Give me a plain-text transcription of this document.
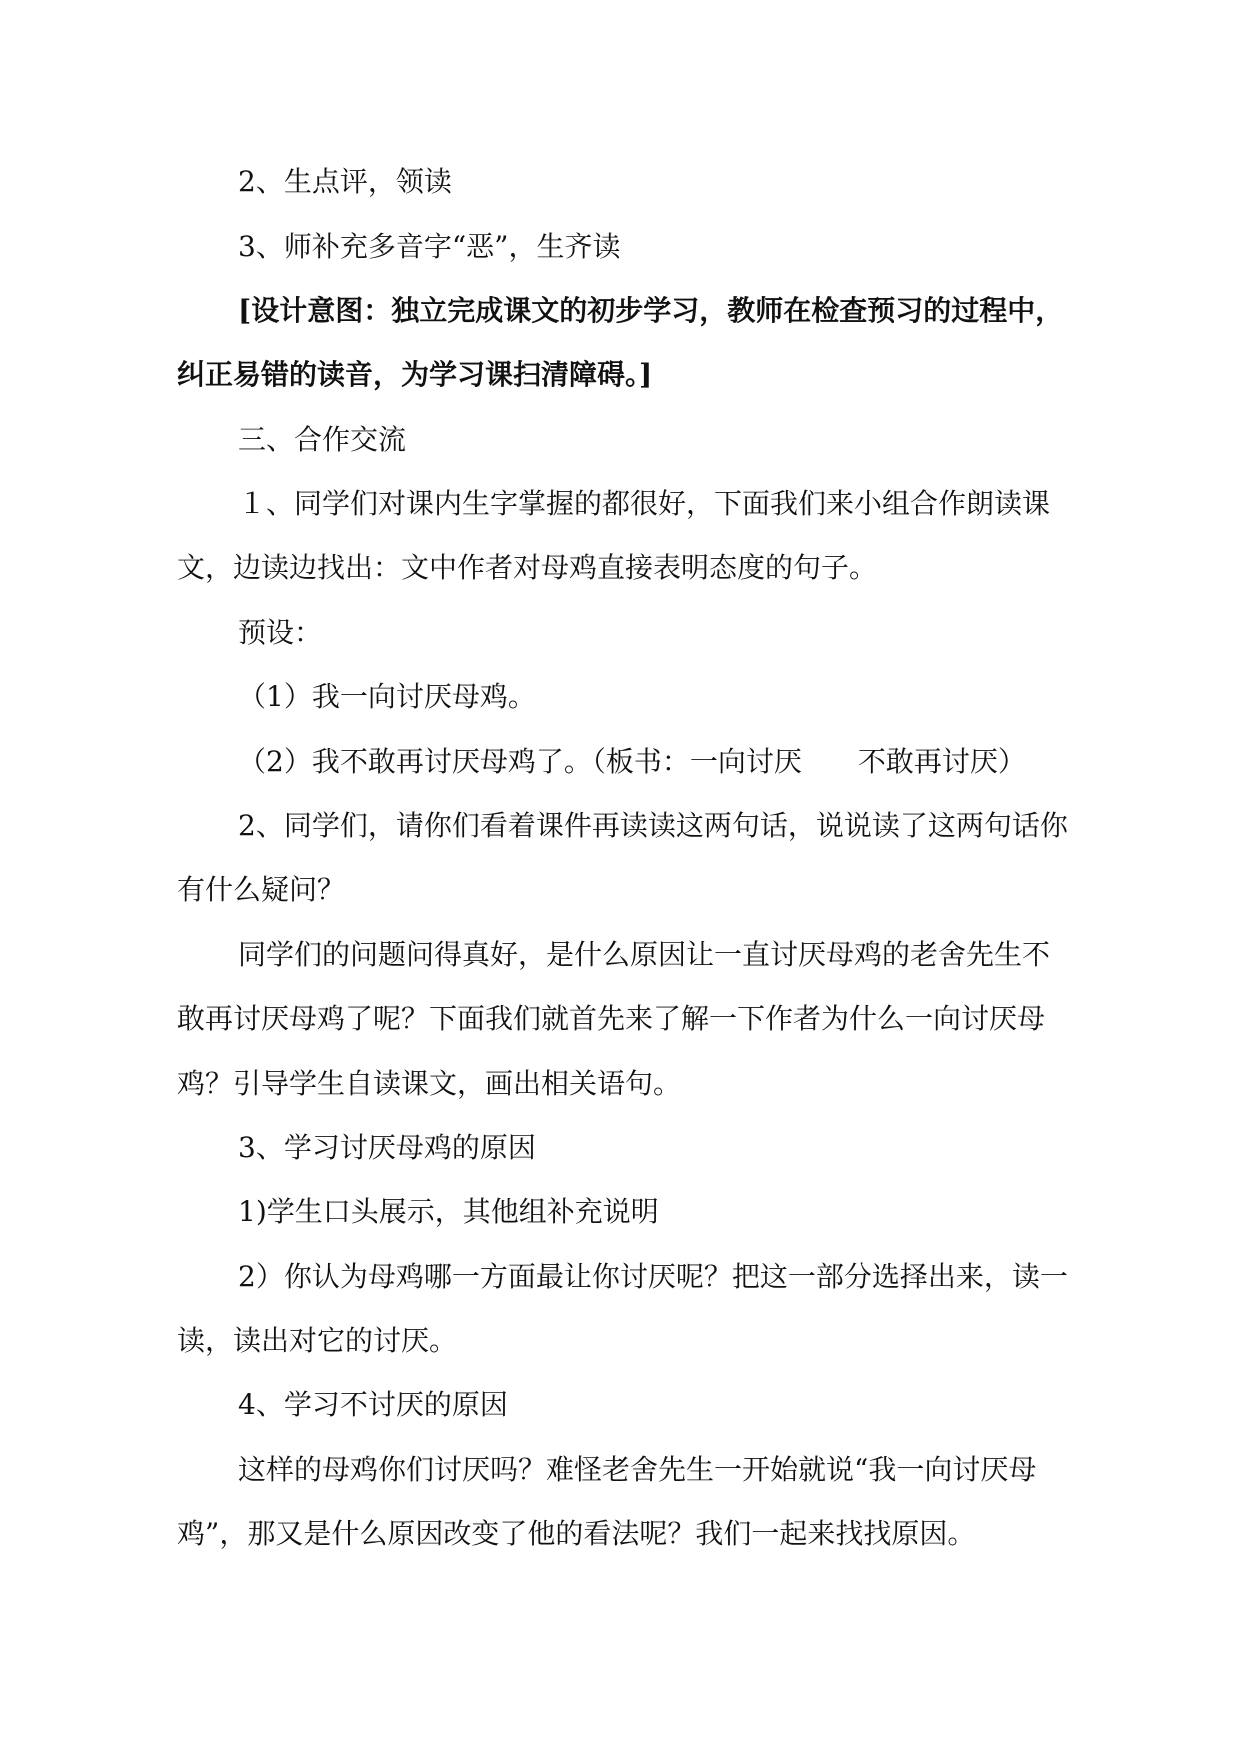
2、生点评，领读

3、师补充多音字“恶”，生齐读

[设计意图：独立完成课文的初步学习，教师在检查预习的过程中，

纠正易错的读音，为学习课扫清障碍。]

三、合作交流

１、同学们对课内生字掌握的都很好，下面我们来小组合作朗读课

文，边读边找出：文中作者对母鸡直接表明态度的句子。

预设：

（1）我一向讨厌母鸡。

（2）我不敢再讨厌母鸡了。（板书：一向讨厌　　不敢再讨厌）

2、同学们，请你们看着课件再读读这两句话，说说读了这两句话你

有什么疑问？

同学们的问题问得真好，是什么原因让一直讨厌母鸡的老舍先生不

敢再讨厌母鸡了呢？下面我们就首先来了解一下作者为什么一向讨厌母

鸡？引导学生自读课文，画出相关语句。

3、学习讨厌母鸡的原因

1)学生口头展示，其他组补充说明

2）你认为母鸡哪一方面最让你讨厌呢？把这一部分选择出来，读一

读，读出对它的讨厌。

4、学习不讨厌的原因

这样的母鸡你们讨厌吗？难怪老舍先生一开始就说“我一向讨厌母

鸡”，那又是什么原因改变了他的看法呢？我们一起来找找原因。
